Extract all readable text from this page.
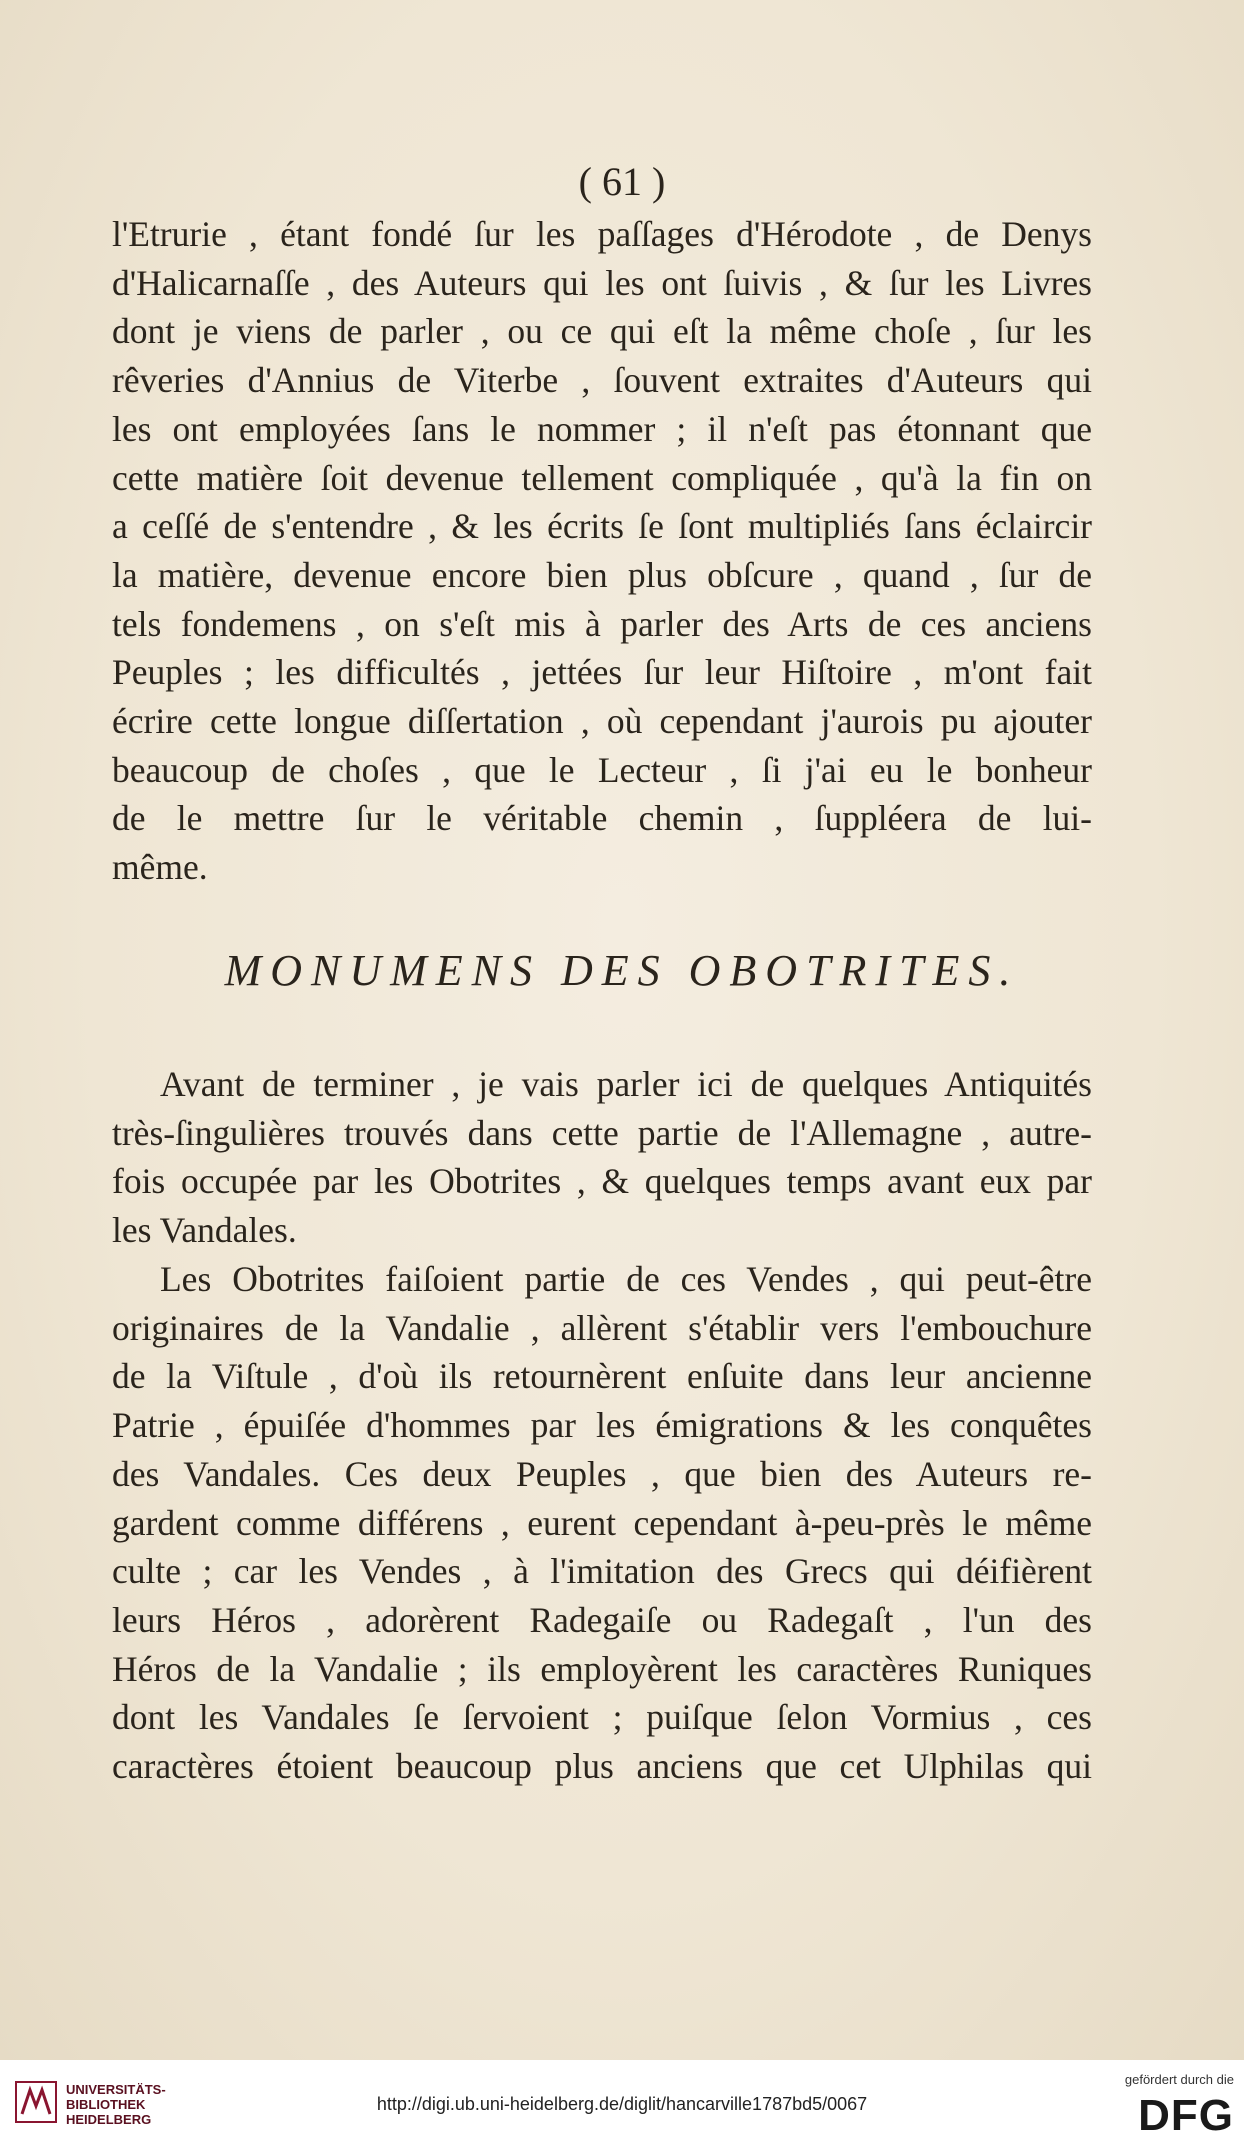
( 61 )
l'Etrurie , étant fondé ſur les paſſages d'Hérodote , de Denys
d'Halicarnaſſe , des Auteurs qui les ont ſuivis , & ſur les Livres
dont je viens de parler , ou ce qui eſt la même choſe , ſur les
rêveries d'Annius de Viterbe , ſouvent extraites d'Auteurs qui
les ont employées ſans le nommer ; il n'eſt pas étonnant que
cette matière ſoit devenue tellement compliquée , qu'à la fin on
a ceſſé de s'entendre , & les écrits ſe ſont multipliés ſans éclaircir
la matière, devenue encore bien plus obſcure , quand , ſur de
tels fondemens , on s'eſt mis à parler des Arts de ces anciens
Peuples ; les difficultés , jettées ſur leur Hiſtoire , m'ont fait
écrire cette longue diſſertation , où cependant j'aurois pu ajouter
beaucoup de choſes , que le Lecteur , ſi j'ai eu le bonheur
de le mettre ſur le véritable chemin , ſuppléera de lui-
même.
MONUMENS DES OBOTRITES.
Avant de terminer , je vais parler ici de quelques Antiquités
très-ſingulières trouvés dans cette partie de l'Allemagne , autre-
fois occupée par les Obotrites , & quelques temps avant eux par
les Vandales.
Les Obotrites faiſoient partie de ces Vendes , qui peut-être
originaires de la Vandalie , allèrent s'établir vers l'embouchure
de la Viſtule , d'où ils retournèrent enſuite dans leur ancienne
Patrie , épuiſée d'hommes par les émigrations & les conquêtes
des Vandales. Ces deux Peuples , que bien des Auteurs re-
gardent comme différens , eurent cependant à-peu-près le même
culte ; car les Vendes , à l'imitation des Grecs qui déifièrent
leurs Héros , adorèrent Radegaiſe ou Radegaſt , l'un des
Héros de la Vandalie ; ils employèrent les caractères Runiques
dont les Vandales ſe ſervoient ; puiſque ſelon Vormius , ces
caractères étoient beaucoup plus anciens que cet Ulphilas qui
UNIVERSITÄTS-
BIBLIOTHEK
HEIDELBERG
http://digi.ub.uni-heidelberg.de/diglit/hancarville1787bd5/0067
gefördert durch die
DFG
